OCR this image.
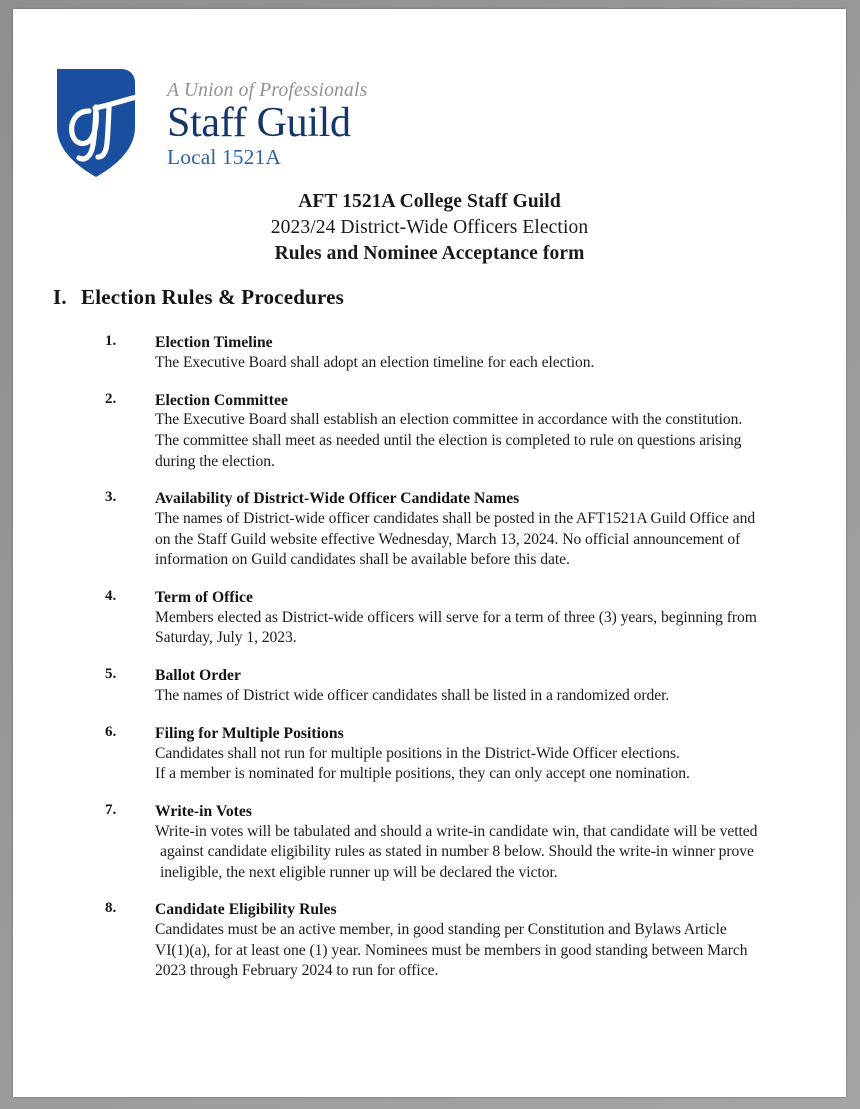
A Union of Professionals
Staff Guild
Local 1521A
AFT 1521A College Staff Guild
2023/24 District-Wide Officers Election
Rules and Nominee Acceptance form
I. Election Rules & Procedures
1.	Election Timeline
The Executive Board shall adopt an election timeline for each election.
2.	Election Committee
The Executive Board shall establish an election committee in accordance with the constitution.
The committee shall meet as needed until the election is completed to rule on questions arising
during the election.
3.	Availability of District-Wide Officer Candidate Names
The names of District-wide officer candidates shall be posted in the AFT1521A Guild Office and
on the Staff Guild website effective Wednesday, March 13, 2024. No official announcement of
information on Guild candidates shall be available before this date.
4.	Term of Office
Members elected as District-wide officers will serve for a term of three (3) years, beginning from
Saturday, July 1, 2023.
5.	Ballot Order
The names of District wide officer candidates shall be listed in a randomized order.
6.	Filing for Multiple Positions
Candidates shall not run for multiple positions in the District-Wide Officer elections.
If a member is nominated for multiple positions, they can only accept one nomination.
7.	Write-in Votes
Write-in votes will be tabulated and should a write-in candidate win, that candidate will be vetted
against candidate eligibility rules as stated in number 8 below. Should the write-in winner prove
ineligible, the next eligible runner up will be declared the victor.
8.	Candidate Eligibility Rules
Candidates must be an active member, in good standing per Constitution and Bylaws Article
VI(1)(a), for at least one (1) year. Nominees must be members in good standing between March
2023 through February 2024 to run for office.
